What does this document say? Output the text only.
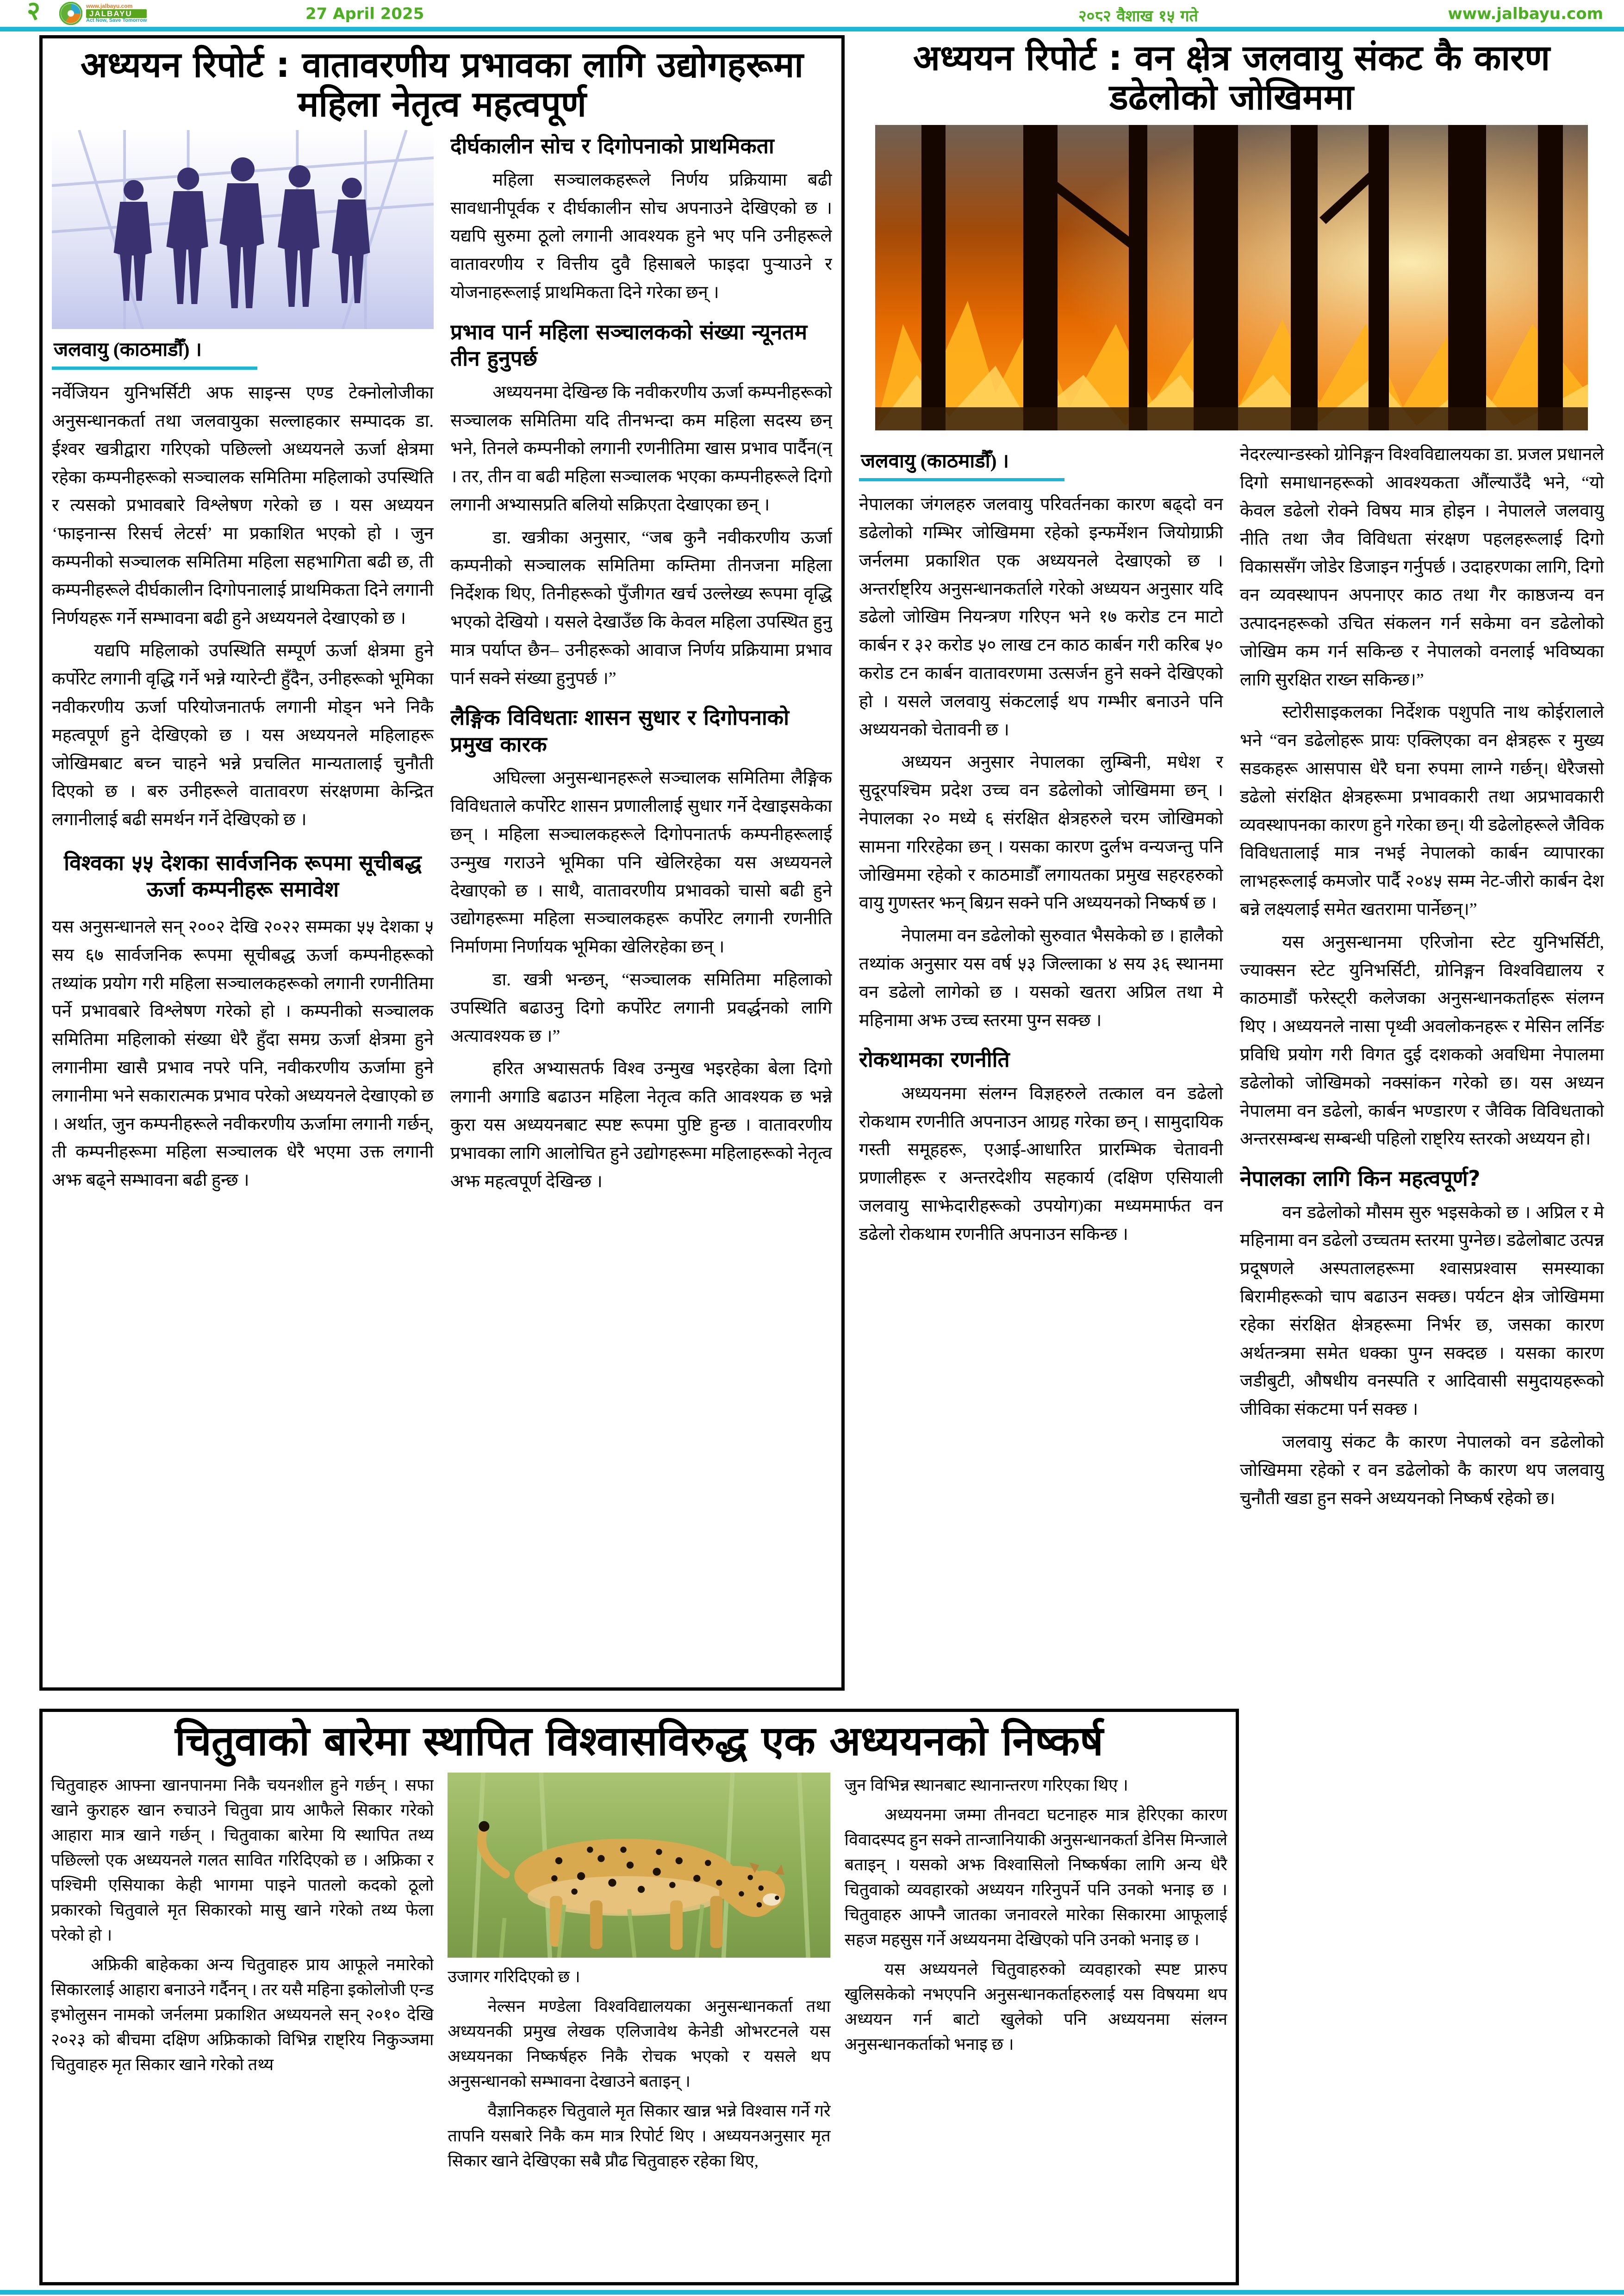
२	www.jalbayu.com
JALBAYU
Act Now, Save Tomorrow	27 April 2025	२०८२ वैशाख १५ गते	www.jalbayu.com
अध्ययन रिपोर्ट : वातावरणीय प्रभावका लागि उद्योगहरूमा महिला नेतृत्व महत्वपूर्ण
जलवायु (काठमाडौँ) ।

नर्वेजियन युनिभर्सिटी अफ साइन्स एण्ड टेक्नोलोजीका अनुसन्धानकर्ता तथा जलवायुका सल्लाहकार सम्पादक डा. ईश्वर खत्रीद्वारा गरिएको पछिल्लो अध्ययनले ऊर्जा क्षेत्रमा रहेका कम्पनीहरूको सञ्चालक समितिमा महिलाको उपस्थिति र त्यसको प्रभावबारे विश्लेषण गरेको छ । यस अध्ययन ‘फाइनान्स रिसर्च लेटर्स’ मा प्रकाशित भएको हो । जुन कम्पनीको सञ्चालक समितिमा महिला सहभागिता बढी छ, ती कम्पनीहरूले दीर्घकालीन दिगोपनालाई प्राथमिकता दिने लगानी निर्णयहरू गर्ने सम्भावना बढी हुने अध्ययनले देखाएको छ ।

यद्यपि महिलाको उपस्थिति सम्पूर्ण ऊर्जा क्षेत्रमा हुने कर्पोरेट लगानी वृद्धि गर्ने भन्ने ग्यारेन्टी हुँदैन, उनीहरूको भूमिका नवीकरणीय ऊर्जा परियोजनातर्फ लगानी मोड्न भने निकै महत्वपूर्ण हुने देखिएको छ । यस अध्ययनले महिलाहरू जोखिमबाट बच्न चाहने भन्ने प्रचलित मान्यतालाई चुनौती दिएको छ । बरु उनीहरूले वातावरण संरक्षणमा केन्द्रित लगानीलाई बढी समर्थन गर्ने देखिएको छ ।

विश्वका ५५ देशका सार्वजनिक रूपमा सूचीबद्ध ऊर्जा कम्पनीहरू समावेश

यस अनुसन्धानले सन् २००२ देखि २०२२ सम्मका ५५ देशका ५ सय ६७ सार्वजनिक रूपमा सूचीबद्ध ऊर्जा कम्पनीहरूको तथ्यांक प्रयोग गरी महिला सञ्चालकहरूको लगानी रणनीतिमा पर्ने प्रभावबारे विश्लेषण गरेको हो । कम्पनीको सञ्चालक समितिमा महिलाको संख्या धेरै हुँदा समग्र ऊर्जा क्षेत्रमा हुने लगानीमा खासै प्रभाव नपरे पनि, नवीकरणीय ऊर्जामा हुने लगानीमा भने सकारात्मक प्रभाव परेको अध्ययनले देखाएको छ । अर्थात, जुन कम्पनीहरूले नवीकरणीय ऊर्जामा लगानी गर्छन्, ती कम्पनीहरूमा महिला सञ्चालक धेरै भएमा उक्त लगानी अझ बढ्ने सम्भावना बढी हुन्छ ।

दीर्घकालीन सोच र दिगोपनाको प्राथमिकता

महिला सञ्चालकहरूले निर्णय प्रक्रियामा बढी सावधानीपूर्वक र दीर्घकालीन सोच अपनाउने देखिएको छ । यद्यपि सुरुमा ठूलो लगानी आवश्यक हुने भए पनि उनीहरूले वातावरणीय र वित्तीय दुवै हिसाबले फाइदा पुर्‍याउने र योजनाहरूलाई प्राथमिकता दिने गरेका छन् ।

प्रभाव पार्न महिला सञ्चालकको संख्या न्यूनतम तीन हुनुपर्छ

अध्ययनमा देखिन्छ कि नवीकरणीय ऊर्जा कम्पनीहरूको सञ्चालक समितिमा यदि तीनभन्दा कम महिला सदस्य छन् भने, तिनले कम्पनीको लगानी रणनीतिमा खास प्रभाव पार्दैन(न् । तर, तीन वा बढी महिला सञ्चालक भएका कम्पनीहरूले दिगो लगानी अभ्यासप्रति बलियो सक्रिएता देखाएका छन् ।

डा. खत्रीका अनुसार, “जब कुनै नवीकरणीय ऊर्जा कम्पनीको सञ्चालक समितिमा कम्तिमा तीनजना महिला निर्देशक थिए, तिनीहरूको पुँजीगत खर्च उल्लेख्य रूपमा वृद्धि भएको देखियो । यसले देखाउँछ कि केवल महिला उपस्थित हुनु मात्र पर्याप्त छैन– उनीहरूको आवाज निर्णय प्रक्रियामा प्रभाव पार्न सक्ने संख्या हुनुपर्छ ।”

लैङ्गिक विविधताः शासन सुधार र दिगोपनाको प्रमुख कारक

अघिल्ला अनुसन्धानहरूले सञ्चालक समितिमा लैङ्गिक विविधताले कर्पोरेट शासन प्रणालीलाई सुधार गर्ने देखाइसकेका छन् । महिला सञ्चालकहरूले दिगोपनातर्फ कम्पनीहरूलाई उन्मुख गराउने भूमिका पनि खेलिरहेका यस अध्ययनले देखाएको छ । साथै, वातावरणीय प्रभावको चासो बढी हुने उद्योगहरूमा महिला सञ्चालकहरू कर्पोरेट लगानी रणनीति निर्माणमा निर्णायक भूमिका खेलिरहेका छन् ।

डा. खत्री भन्छन्, “सञ्चालक समितिमा महिलाको उपस्थिति बढाउनु दिगो कर्पोरेट लगानी प्रवर्द्धनको लागि अत्यावश्यक छ ।”

हरित अभ्यासतर्फ विश्व उन्मुख भइरहेका बेला दिगो लगानी अगाडि बढाउन महिला नेतृत्व कति आवश्यक छ भन्ने कुरा यस अध्ययनबाट स्पष्ट रूपमा पुष्टि हुन्छ । वातावरणीय प्रभावका लागि आलोचित हुने उद्योगहरूमा महिलाहरूको नेतृत्व अझ महत्वपूर्ण देखिन्छ ।

अध्ययन रिपोर्ट : वन क्षेत्र जलवायु संकट कै कारण डढेलोको जोखिममा
जलवायु (काठमाडौँ) ।

नेपालका जंगलहरु जलवायु परिवर्तनका कारण बढ्दो वन डढेलोको गम्भिर जोखिममा रहेको इन्फर्मेशन जियोग्राफ्री जर्नलमा प्रकाशित एक अध्ययनले देखाएको छ । अन्तर्राष्ट्रिय अनुसन्धानकर्ताले गरेको अध्ययन अनुसार यदि डढेलो जोखिम नियन्त्रण गरिएन भने १७ करोड टन माटो कार्बन र ३२ करोड ५० लाख टन काठ कार्बन गरी करिब ५० करोड टन कार्बन वातावरणमा उत्सर्जन हुने सक्ने देखिएको हो । यसले जलवायु संकटलाई थप गम्भीर बनाउने पनि अध्ययनको चेतावनी छ ।

अध्ययन अनुसार नेपालका लुम्बिनी, मधेश र सुदूरपश्चिम प्रदेश उच्च वन डढेलोको जोखिममा छन् । नेपालका २० मध्ये ६ संरक्षित क्षेत्रहरुले चरम जोखिमको सामना गरिरहेका छन् । यसका कारण दुर्लभ वन्यजन्तु पनि जोखिममा रहेको र काठमाडौँ लगायतका प्रमुख सहरहरुको वायु गुणस्तर झन् बिग्रन सक्ने पनि अध्ययनको निष्कर्ष छ ।

नेपालमा वन डढेलोको सुरुवात भैसकेको छ । हालैको तथ्यांक अनुसार यस वर्ष ५३ जिल्लाका ४ सय ३६ स्थानमा वन डढेलो लागेको छ । यसको खतरा अप्रिल तथा मे महिनामा अझ उच्च स्तरमा पुग्न सक्छ ।

रोकथामका रणनीति

अध्ययनमा संलग्न विज्ञहरुले तत्काल वन डढेलो रोकथाम रणनीति अपनाउन आग्रह गरेका छन् । सामुदायिक गस्ती समूहहरू, एआई-आधारित प्रारम्भिक चेतावनी प्रणालीहरू र अन्तरदेशीय सहकार्य (दक्षिण एसियाली जलवायु साझेदारीहरूको उपयोग)का मध्यममार्फत वन डढेलो रोकथाम रणनीति अपनाउन सकिन्छ ।

नेदरल्यान्डस्को ग्रोनिङ्गन विश्वविद्यालयका डा. प्रजल प्रधानले दिगो समाधानहरूको आवश्यकता औंल्याउँदै भने, “यो केवल डढेलो रोक्ने विषय मात्र होइन । नेपालले जलवायु नीति तथा जैव विविधता संरक्षण पहलहरूलाई दिगो विकाससँग जोडेर डिजाइन गर्नुपर्छ । उदाहरणका लागि, दिगो वन व्यवस्थापन अपनाएर काठ तथा गैर काष्ठजन्य वन उत्पादनहरूको उचित संकलन गर्न सकेमा वन डढेलोको जोखिम कम गर्न सकिन्छ र नेपालको वनलाई भविष्यका लागि सुरक्षित राख्न सकिन्छ।”

स्टोरीसाइकलका निर्देशक पशुपति नाथ कोईरालाले भने “वन डढेलोहरू प्रायः एक्लिएका वन क्षेत्रहरू र मुख्य सडकहरू आसपास धेरै घना रुपमा लाग्ने गर्छन्। धेरैजसो डढेलो संरक्षित क्षेत्रहरूमा प्रभावकारी तथा अप्रभावकारी व्यवस्थापनका कारण हुने गरेका छन्। यी डढेलोहरूले जैविक विविधतालाई मात्र नभई नेपालको कार्बन व्यापारका लाभहरूलाई कमजोर पार्दै २०४५ सम्म नेट-जीरो कार्बन देश बन्ने लक्ष्यलाई समेत खतरामा पार्नेछन्।”

यस अनुसन्धानमा एरिजोना स्टेट युनिभर्सिटी, ज्याक्सन स्टेट युनिभर्सिटी, ग्रोनिङ्गन विश्वविद्यालय र काठमाडौं फरेस्ट्री कलेजका अनुसन्धानकर्ताहरू संलग्न थिए । अध्ययनले नासा पृथ्वी अवलोकनहरू र मेसिन लर्निङ प्रविधि प्रयोग गरी विगत दुई दशकको अवधिमा नेपालमा डढेलोको जोखिमको नक्सांकन गरेको छ। यस अध्यन नेपालमा वन डढेलो, कार्बन भण्डारण र जैविक विविधताको अन्तरसम्बन्ध सम्बन्धी पहिलो राष्ट्रिय स्तरको अध्ययन हो।

नेपालका लागि किन महत्वपूर्ण?

वन डढेलोको मौसम सुरु भइसकेको छ । अप्रिल र मे महिनामा वन डढेलो उच्चतम स्तरमा पुग्नेछ। डढेलोबाट उत्पन्न प्रदूषणले अस्पतालहरूमा श्वासप्रश्वास समस्याका बिरामीहरूको चाप बढाउन सक्छ। पर्यटन क्षेत्र जोखिममा रहेका संरक्षित क्षेत्रहरूमा निर्भर छ, जसका कारण अर्थतन्त्रमा समेत धक्का पुग्न सक्दछ । यसका कारण जडीबुटी, औषधीय वनस्पति र आदिवासी समुदायहरूको जीविका संकटमा पर्न सक्छ ।

जलवायु संकट कै कारण नेपालको वन डढेलोको जोखिममा रहेको र वन डढेलोको कै कारण थप जलवायु चुनौती खडा हुन सक्ने अध्ययनको निष्कर्ष रहेको छ।

चितुवाको बारेमा स्थापित विश्वासविरुद्ध एक अध्ययनको निष्कर्ष

चितुवाहरु आफ्ना खानपानमा निकै चयनशील हुने गर्छन् । सफा खाने कुराहरु खान रुचाउने चितुवा प्राय आफैले सिकार गरेको आहारा मात्र खाने गर्छन् । चितुवाका बारेमा यि स्थापित तथ्य पछिल्लो एक अध्ययनले गलत सावित गरिदिएको छ । अफ्रिका र पश्चिमी एसियाका केही भागमा पाइने पातलो कदको ठूलो प्रकारको चितुवाले मृत सिकारको मासु खाने गरेको तथ्य फेला परेको हो ।

अफ्रिकी बाहेकका अन्य चितुवाहरु प्राय आफूले नमारेको सिकारलाई आहारा बनाउने गर्दैनन् । तर यसै महिना इकोलोजी एन्ड इभोलुसन नामको जर्नलमा प्रकाशित अध्ययनले सन् २०१० देखि २०२३ को बीचमा दक्षिण अफ्रिकाको विभिन्न राष्ट्रिय निकुञ्जमा चितुवाहरु मृत सिकार खाने गरेको तथ्य

उजागर गरिदिएको छ ।

नेल्सन मण्डेला विश्वविद्यालयका अनुसन्धानकर्ता तथा अध्ययनकी प्रमुख लेखक एलिजावेथ केनेडी ओभरटनले यस अध्ययनका निष्कर्षहरु निकै रोचक भएको र यसले थप अनुसन्धानको सम्भावना देखाउने बताइन् ।

वैज्ञानिकहरु चितुवाले मृत सिकार खान्न भन्ने विश्वास गर्ने गरे तापनि यसबारे निकै कम मात्र रिपोर्ट थिए । अध्ययनअनुसार मृत सिकार खाने देखिएका सबै प्रौढ चितुवाहरु रहेका थिए,

जुन विभिन्न स्थानबाट स्थानान्तरण गरिएका थिए ।

अध्ययनमा जम्मा तीनवटा घटनाहरु मात्र हेरिएका कारण विवादस्पद हुन सक्ने तान्जानियाकी अनुसन्धानकर्ता डेनिस मिन्जाले बताइन् । यसको अझ विश्वासिलो निष्कर्षका लागि अन्य धेरै चितुवाको व्यवहारको अध्ययन गरिनुपर्ने पनि उनको भनाइ छ । चितुवाहरु आफ्नै जातका जनावरले मारेका सिकारमा आफूलाई सहज महसुस गर्ने अध्ययनमा देखिएको पनि उनको भनाइ छ ।

यस अध्ययनले चितुवाहरुको व्यवहारको स्पष्ट प्रारुप खुलिसकेको नभएपनि अनुसन्धानकर्ताहरुलाई यस विषयमा थप अध्ययन गर्न बाटो खुलेको पनि अध्ययनमा संलग्न अनुसन्धानकर्ताको भनाइ छ ।
